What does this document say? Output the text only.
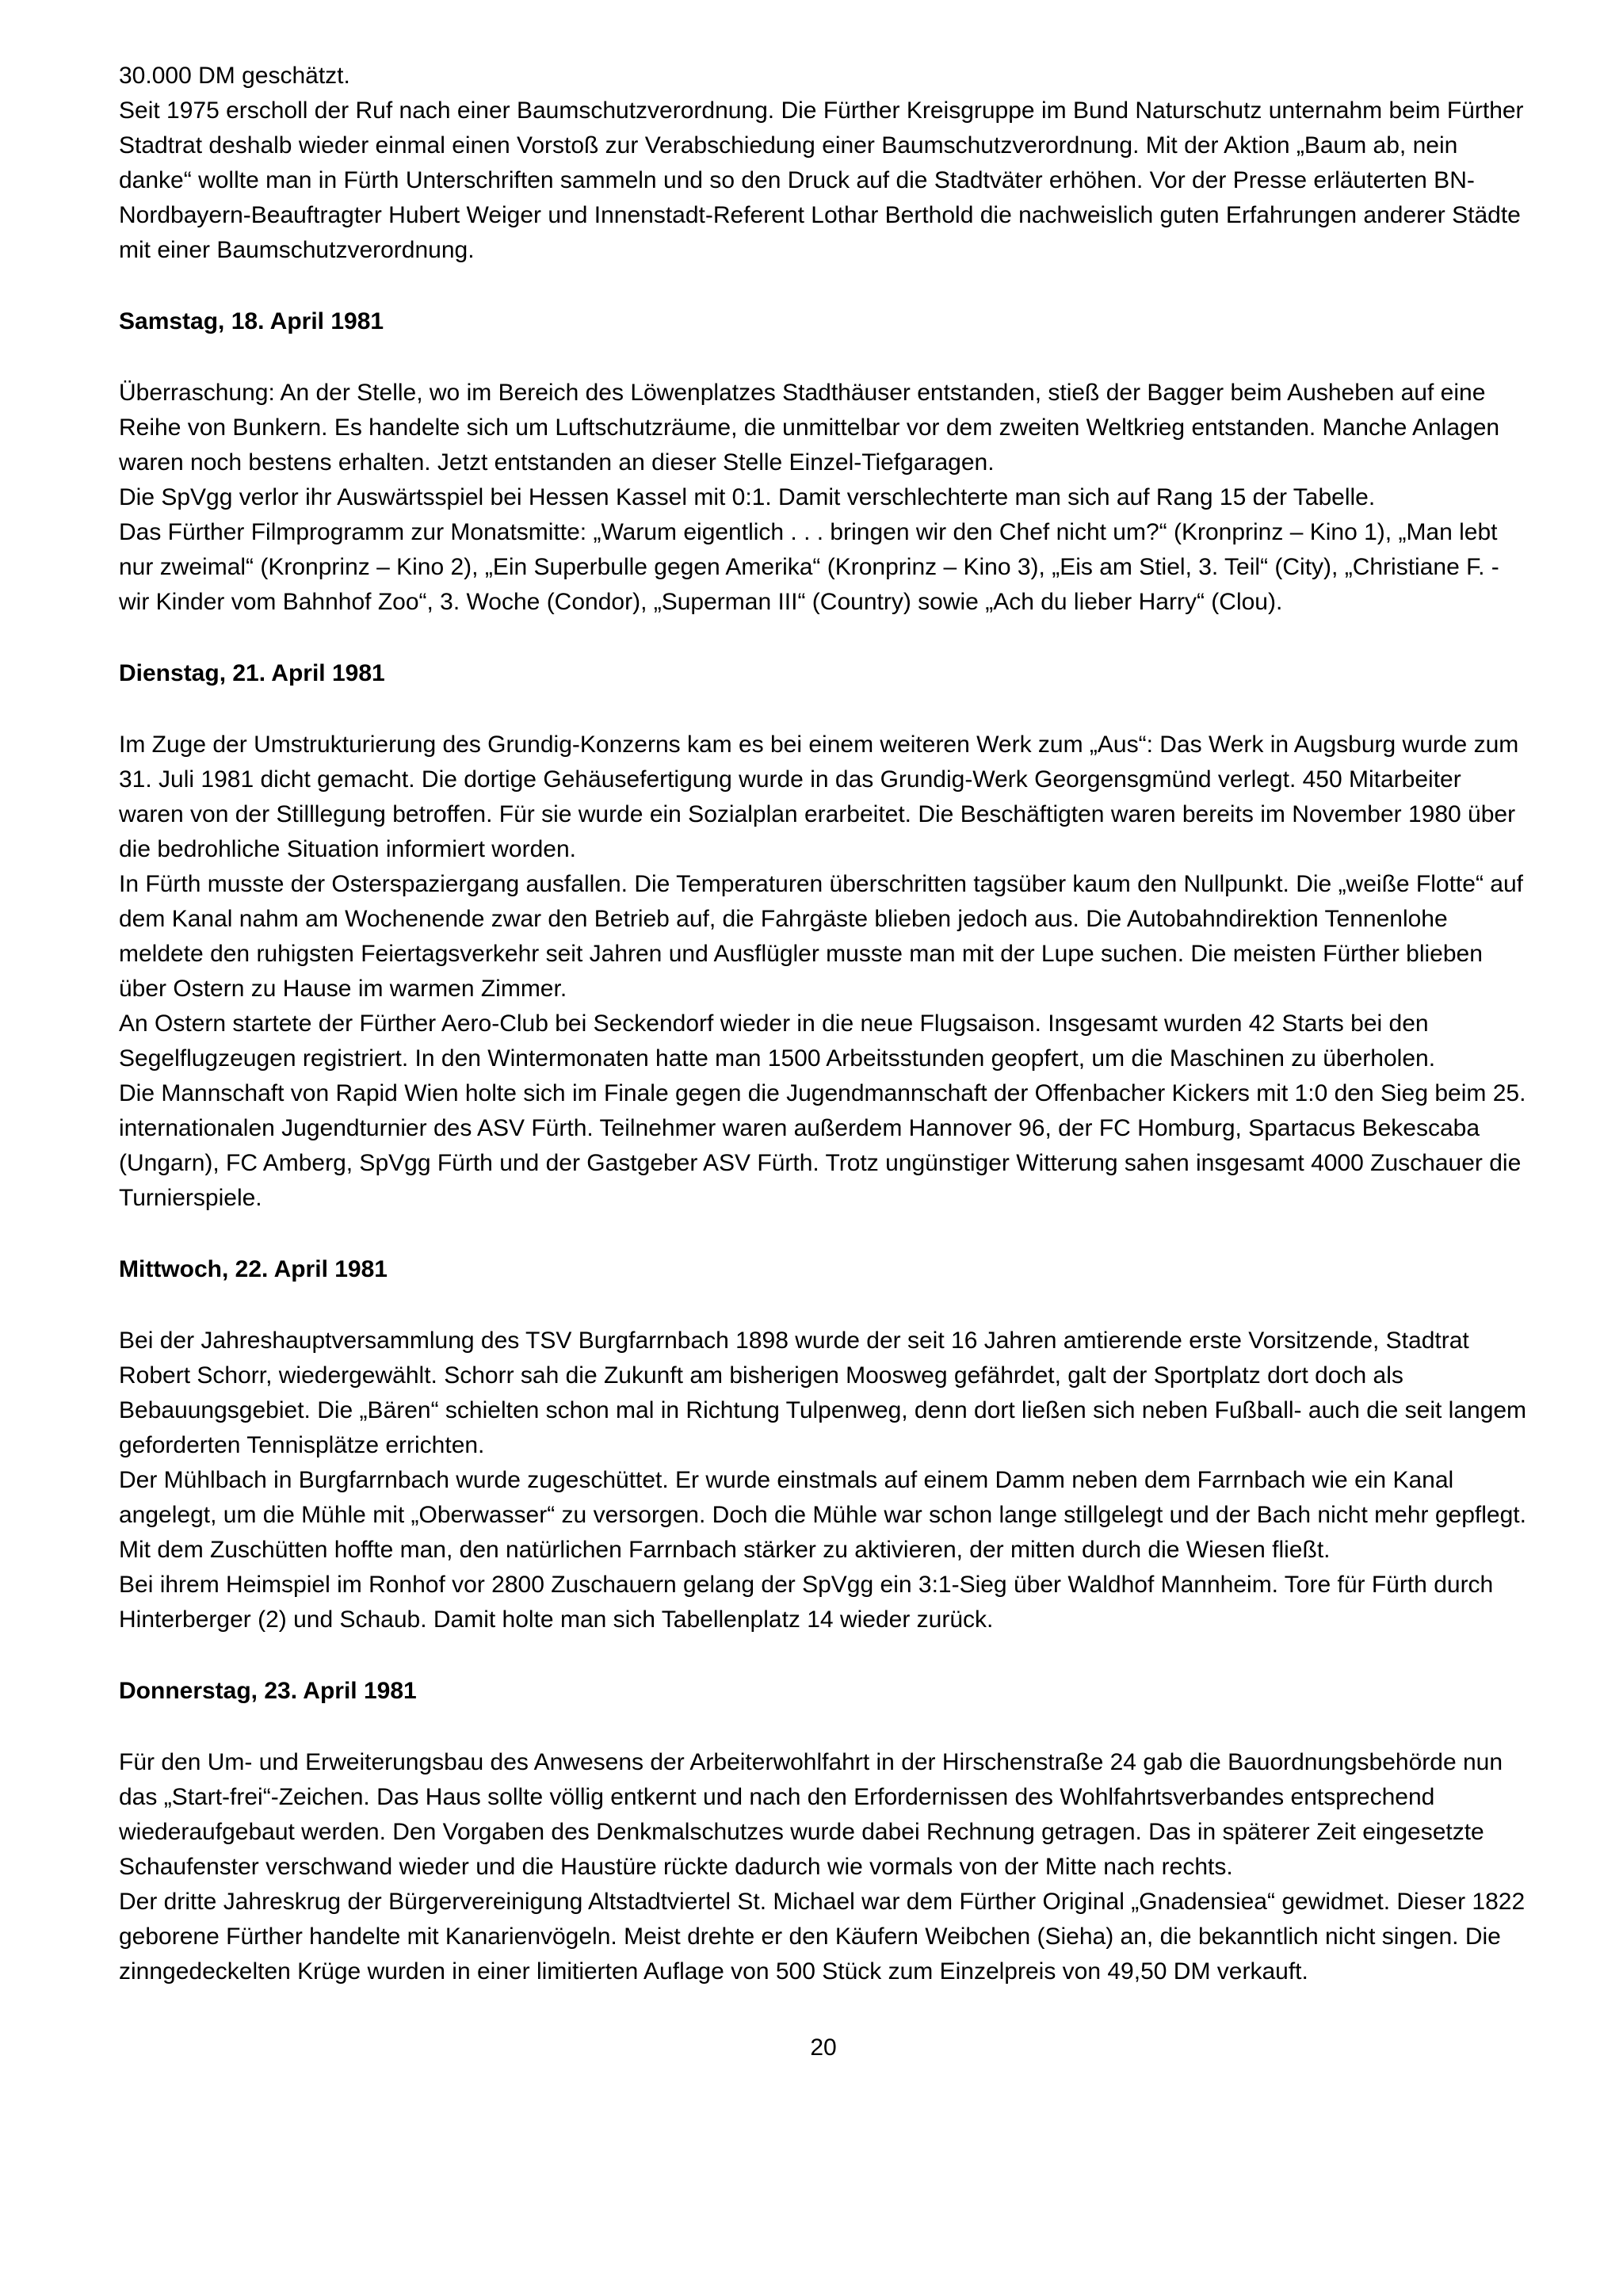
30.000 DM geschätzt.

Seit 1975 erscholl der Ruf nach einer Baumschutzverordnung. Die Fürther Kreisgruppe im Bund Naturschutz unternahm beim Fürther Stadtrat deshalb wieder einmal einen Vorstoß zur Verabschiedung einer Baumschutzverordnung. Mit der Aktion „Baum ab, nein danke“ wollte man in Fürth Unterschriften sammeln und so den Druck auf die Stadtväter erhöhen. Vor der Presse erläuterten BN-Nordbayern-Beauftragter Hubert Weiger und Innenstadt-Referent Lothar Berthold die nachweislich guten Erfahrungen anderer Städte mit einer Baumschutzverordnung.

Samstag, 18. April 1981

Überraschung: An der Stelle, wo im Bereich des Löwenplatzes Stadthäuser entstanden, stieß der Bagger beim Ausheben auf eine Reihe von Bunkern. Es handelte sich um Luftschutzräume, die unmittelbar vor dem zweiten Weltkrieg entstanden. Manche Anlagen waren noch bestens erhalten. Jetzt entstanden an dieser Stelle Einzel-Tiefgaragen.

Die SpVgg verlor ihr Auswärtsspiel bei Hessen Kassel mit 0:1. Damit verschlechterte man sich auf Rang 15 der Tabelle.

Das Fürther Filmprogramm zur Monatsmitte: „Warum eigentlich . . . bringen wir den Chef nicht um?“ (Kronprinz – Kino 1), „Man lebt nur zweimal“ (Kronprinz – Kino 2), „Ein Superbulle gegen Amerika“ (Kronprinz – Kino 3), „Eis am Stiel, 3. Teil“ (City), „Christiane F. - wir Kinder vom Bahnhof Zoo“, 3. Woche (Condor), „Superman III“ (Country) sowie „Ach du lieber Harry“ (Clou).

Dienstag, 21. April 1981

Im Zuge der Umstrukturierung des Grundig-Konzerns kam es bei einem weiteren Werk zum „Aus“: Das Werk in Augsburg wurde zum 31. Juli 1981 dicht gemacht. Die dortige Gehäusefertigung wurde in das Grundig-Werk Georgensgmünd verlegt. 450 Mitarbeiter waren von der Stilllegung betroffen. Für sie wurde ein Sozialplan erarbeitet. Die Beschäftigten waren bereits im November 1980 über die bedrohliche Situation informiert worden.

In Fürth musste der Osterspaziergang ausfallen. Die Temperaturen überschritten tagsüber kaum den Nullpunkt. Die „weiße Flotte“ auf dem Kanal nahm am Wochenende zwar den Betrieb auf, die Fahrgäste blieben jedoch aus. Die Autobahndirektion Tennenlohe meldete den ruhigsten Feiertagsverkehr seit Jahren und Ausflügler musste man mit der Lupe suchen. Die meisten Fürther blieben über Ostern zu Hause im warmen Zimmer.

An Ostern startete der Fürther Aero-Club bei Seckendorf wieder in die neue Flugsaison. Insgesamt wurden 42 Starts bei den Segelflugzeugen registriert. In den Wintermonaten hatte man 1500 Arbeitsstunden geopfert, um die Maschinen zu überholen.

Die Mannschaft von Rapid Wien holte sich im Finale gegen die Jugendmannschaft der Offenbacher Kickers mit 1:0 den Sieg beim 25. internationalen Jugendturnier des ASV Fürth. Teilnehmer waren außerdem Hannover 96, der FC Homburg, Spartacus Bekescaba (Ungarn), FC Amberg, SpVgg Fürth und der Gastgeber ASV Fürth. Trotz ungünstiger Witterung sahen insgesamt 4000 Zuschauer die Turnierspiele.

Mittwoch, 22. April 1981

Bei der Jahreshauptversammlung des TSV Burgfarrnbach 1898 wurde der seit 16 Jahren amtierende erste Vorsitzende, Stadtrat Robert Schorr, wiedergewählt. Schorr sah die Zukunft am bisherigen Moosweg gefährdet, galt der Sportplatz dort doch als Bebauungsgebiet. Die „Bären“ schielten schon mal in Richtung Tulpenweg, denn dort ließen sich neben Fußball- auch die seit langem geforderten Tennisplätze errichten.

Der Mühlbach in Burgfarrnbach wurde zugeschüttet. Er wurde einstmals auf einem Damm neben dem Farrnbach wie ein Kanal angelegt, um die Mühle mit „Oberwasser“ zu versorgen. Doch die Mühle war schon lange stillgelegt und der Bach nicht mehr gepflegt. Mit dem Zuschütten hoffte man, den natürlichen Farrnbach stärker zu aktivieren, der mitten durch die Wiesen fließt.

Bei ihrem Heimspiel im Ronhof vor 2800 Zuschauern gelang der SpVgg ein 3:1-Sieg über Waldhof Mannheim. Tore für Fürth durch Hinterberger (2) und Schaub. Damit holte man sich Tabellenplatz 14 wieder zurück.

Donnerstag, 23. April 1981

Für den Um- und Erweiterungsbau des Anwesens der Arbeiterwohlfahrt in der Hirschenstraße 24 gab die Bauordnungsbehörde nun das „Start-frei“-Zeichen. Das Haus sollte völlig entkernt und nach den Erfordernissen des Wohlfahrtsverbandes entsprechend wiederaufgebaut werden. Den Vorgaben des Denkmalschutzes wurde dabei Rechnung getragen. Das in späterer Zeit eingesetzte Schaufenster verschwand wieder und die Haustüre rückte dadurch wie vormals von der Mitte nach rechts.

Der dritte Jahreskrug der Bürgervereinigung Altstadtviertel St. Michael war dem Fürther Original „Gnadensiea“ gewidmet. Dieser 1822 geborene Fürther handelte mit Kanarienvögeln. Meist drehte er den Käufern Weibchen (Sieha) an, die bekanntlich nicht singen. Die zinngedeckelten Krüge wurden in einer limitierten Auflage von 500 Stück zum Einzelpreis von 49,50 DM verkauft.

20
